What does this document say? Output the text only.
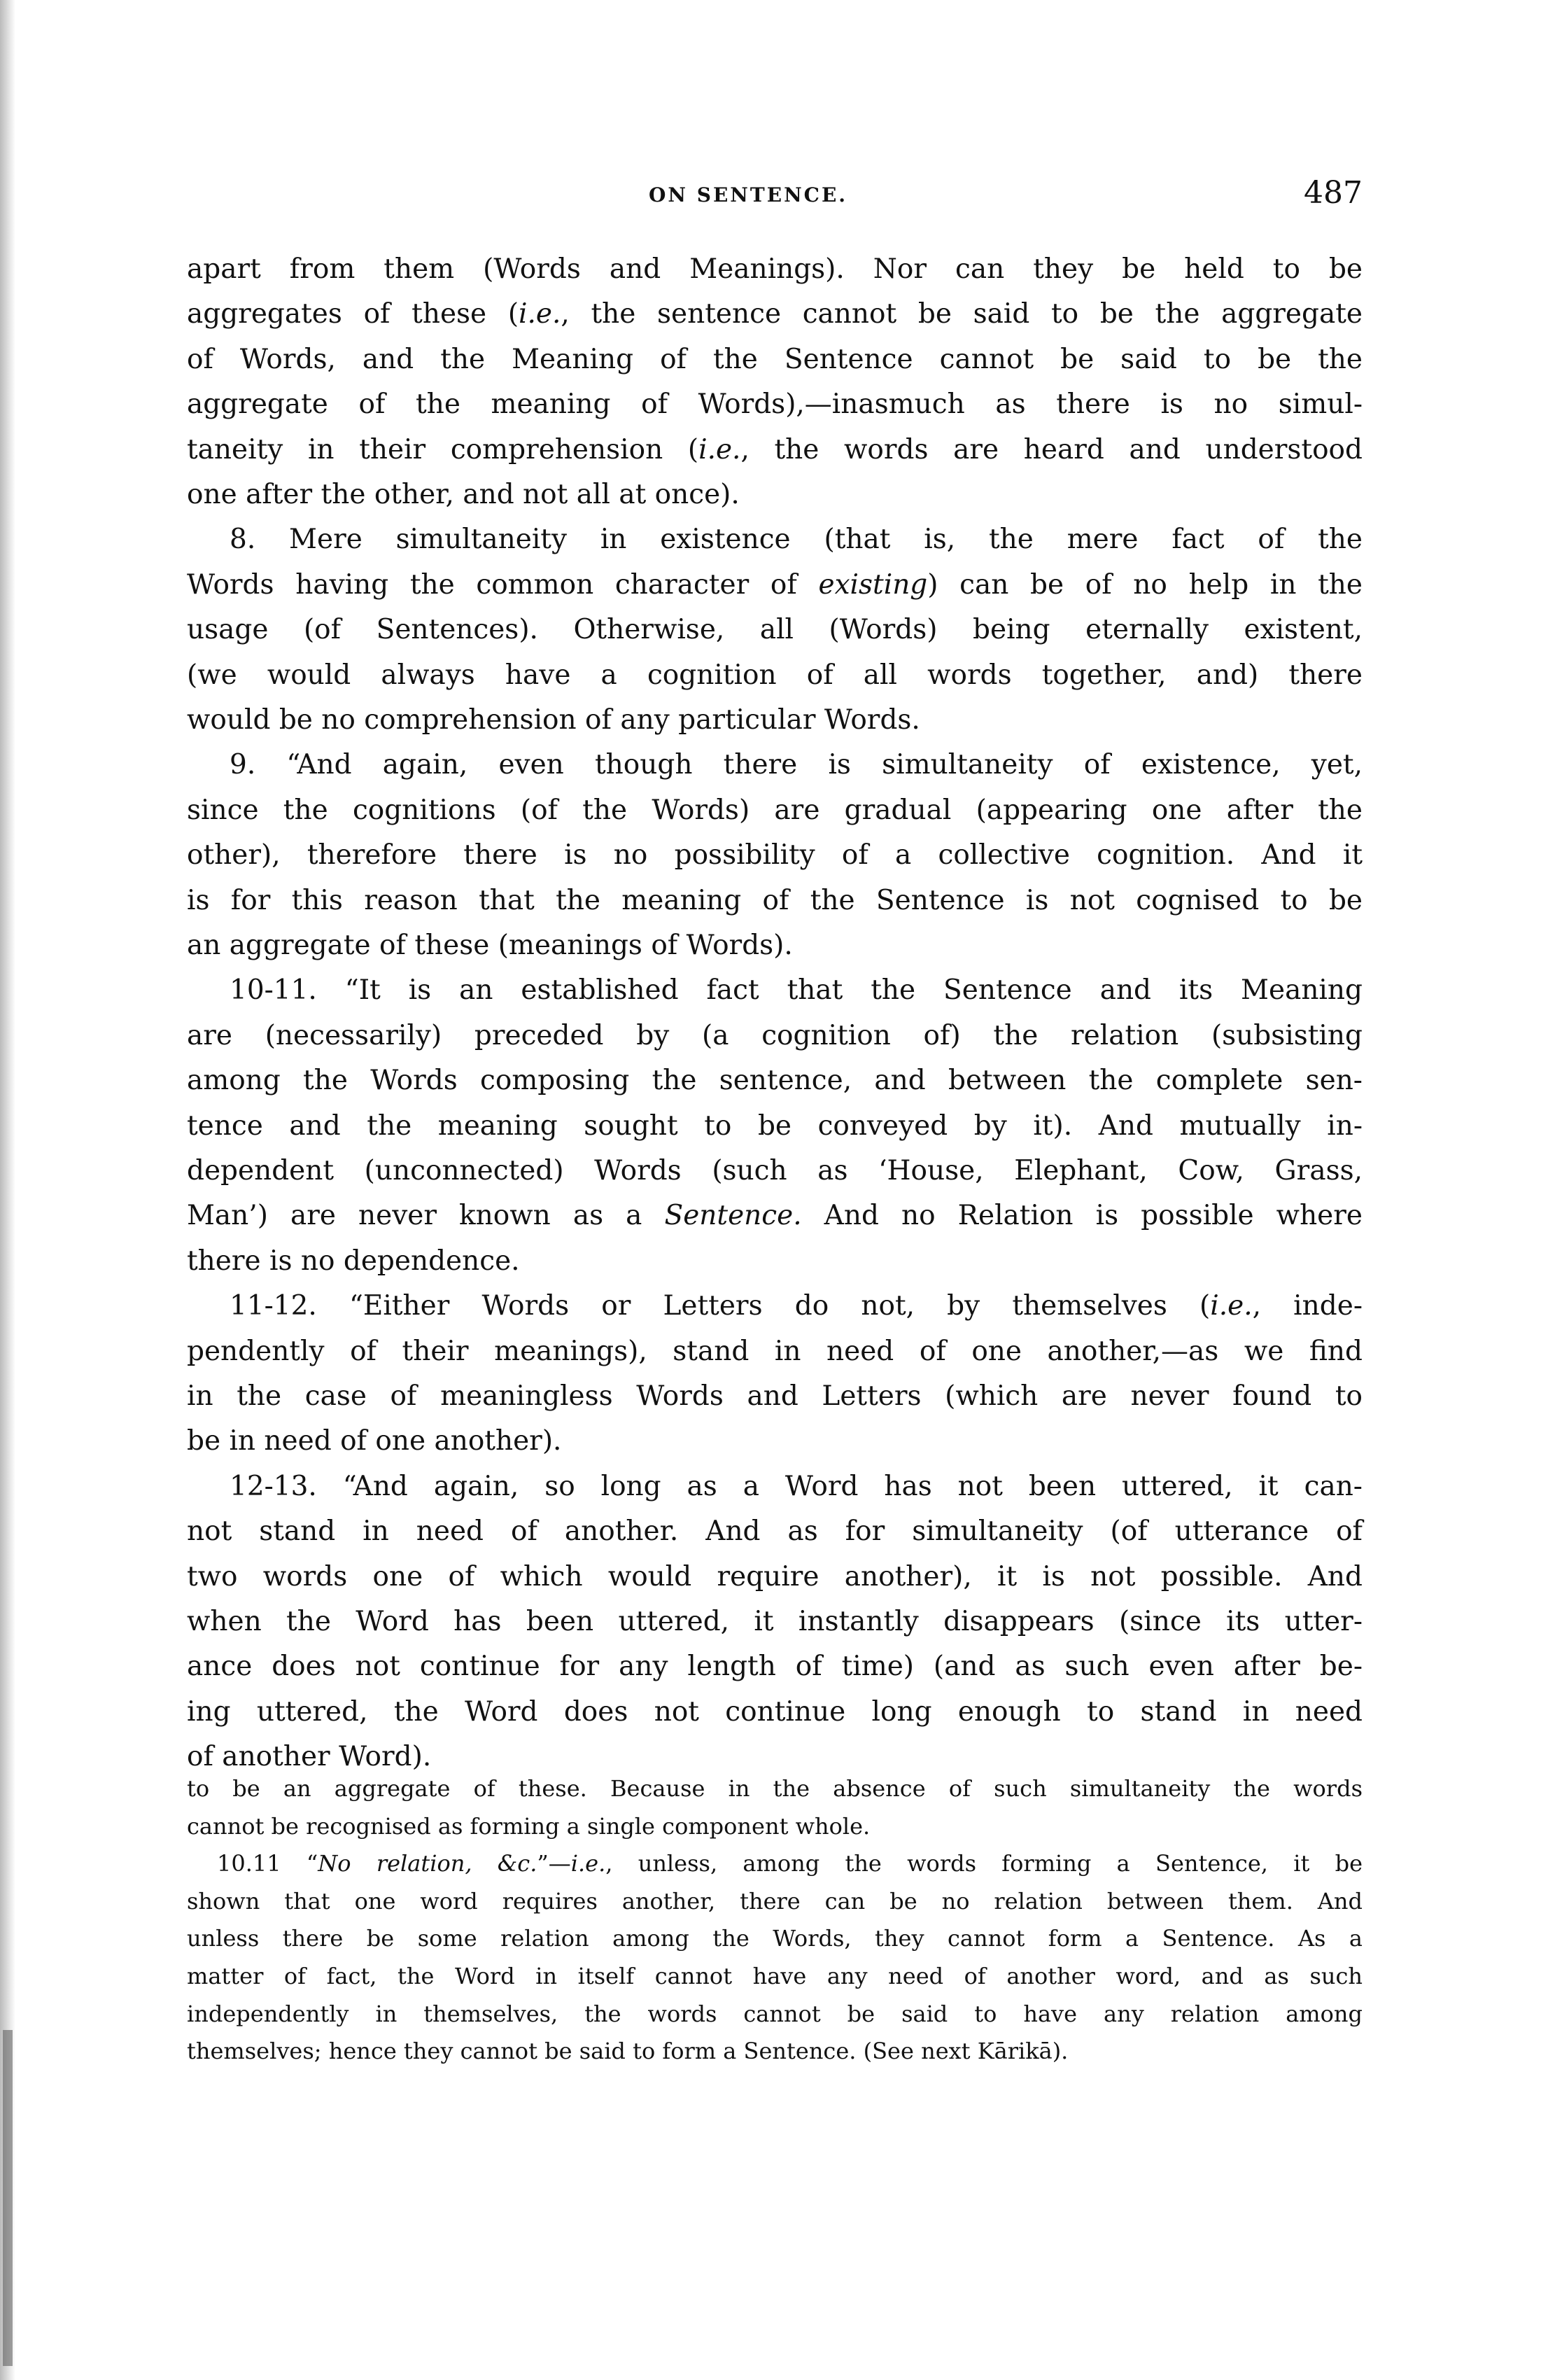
ON SENTENCE.	487
apart from them (Words and Meanings). Nor can they be held to be
aggregates of these (i.e., the sentence cannot be said to be the aggregate
of Words, and the Meaning of the Sentence cannot be said to be the
aggregate of the meaning of Words),—inasmuch as there is no simul-
taneity in their comprehension (i.e., the words are heard and understood
one after the other, and not all at once).
8. Mere simultaneity in existence (that is, the mere fact of the
Words having the common character of existing) can be of no help in the
usage (of Sentences). Otherwise, all (Words) being eternally existent,
(we would always have a cognition of all words together, and) there
would be no comprehension of any particular Words.
9. “And again, even though there is simultaneity of existence, yet,
since the cognitions (of the Words) are gradual (appearing one after the
other), therefore there is no possibility of a collective cognition. And it
is for this reason that the meaning of the Sentence is not cognised to be
an aggregate of these (meanings of Words).
10-11. “It is an established fact that the Sentence and its Meaning
are (necessarily) preceded by (a cognition of) the relation (subsisting
among the Words composing the sentence, and between the complete sen-
tence and the meaning sought to be conveyed by it). And mutually in-
dependent (unconnected) Words (such as ‘House, Elephant, Cow, Grass,
Man’) are never known as a Sentence. And no Relation is possible where
there is no dependence.
11-12. “Either Words or Letters do not, by themselves (i.e., inde-
pendently of their meanings), stand in need of one another,—as we find
in the case of meaningless Words and Letters (which are never found to
be in need of one another).
12-13. “And again, so long as a Word has not been uttered, it can-
not stand in need of another. And as for simultaneity (of utterance of
two words one of which would require another), it is not possible. And
when the Word has been uttered, it instantly disappears (since its utter-
ance does not continue for any length of time) (and as such even after be-
ing uttered, the Word does not continue long enough to stand in need
of another Word).
to be an aggregate of these. Because in the absence of such simultaneity the words
cannot be recognised as forming a single component whole.
10.11 “No relation, &c.”—i.e., unless, among the words forming a Sentence, it be
shown that one word requires another, there can be no relation between them. And
unless there be some relation among the Words, they cannot form a Sentence. As a
matter of fact, the Word in itself cannot have any need of another word, and as such
independently in themselves, the words cannot be said to have any relation among
themselves; hence they cannot be said to form a Sentence. (See next Kārikā).
